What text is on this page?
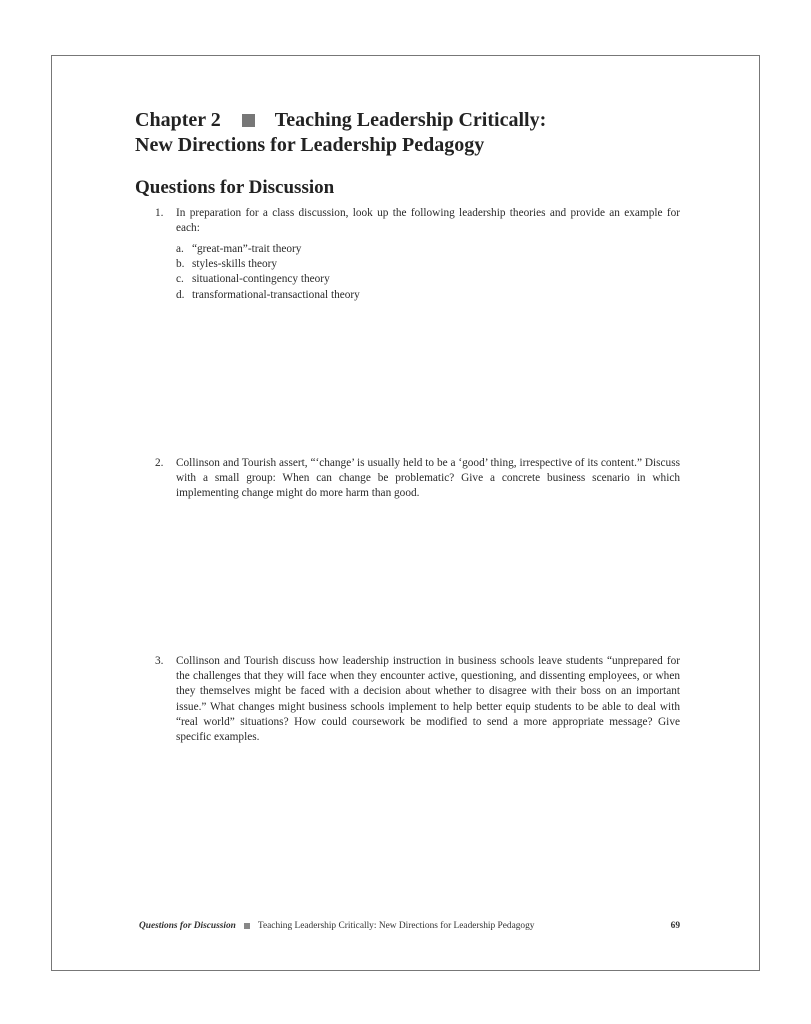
Chapter 2	Teaching Leadership Critically:
New Directions for Leadership Pedagogy
Questions for Discussion
1.	In preparation for a class discussion, look up the following leadership theories and provide an example for each:
a. “great-man”-trait theory
b. styles-skills theory
c. situational-contingency theory
d. transformational-transactional theory
2.	Collinson and Tourish assert, “‘change’ is usually held to be a ‘good’ thing, irrespective of its content.” Discuss with a small group: When can change be problematic? Give a concrete business scenario in which implementing change might do more harm than good.
3.	Collinson and Tourish discuss how leadership instruction in business schools leave students “unprepared for the challenges that they will face when they encounter active, questioning, and dissenting employees, or when they themselves might be faced with a decision about whether to disagree with their boss on an important issue.” What changes might business schools implement to help better equip students to be able to deal with “real world” situations? How could coursework be modified to send a more appropriate message? Give specific examples.
Questions for Discussion Teaching Leadership Critically: New Directions for Leadership Pedagogy	69
